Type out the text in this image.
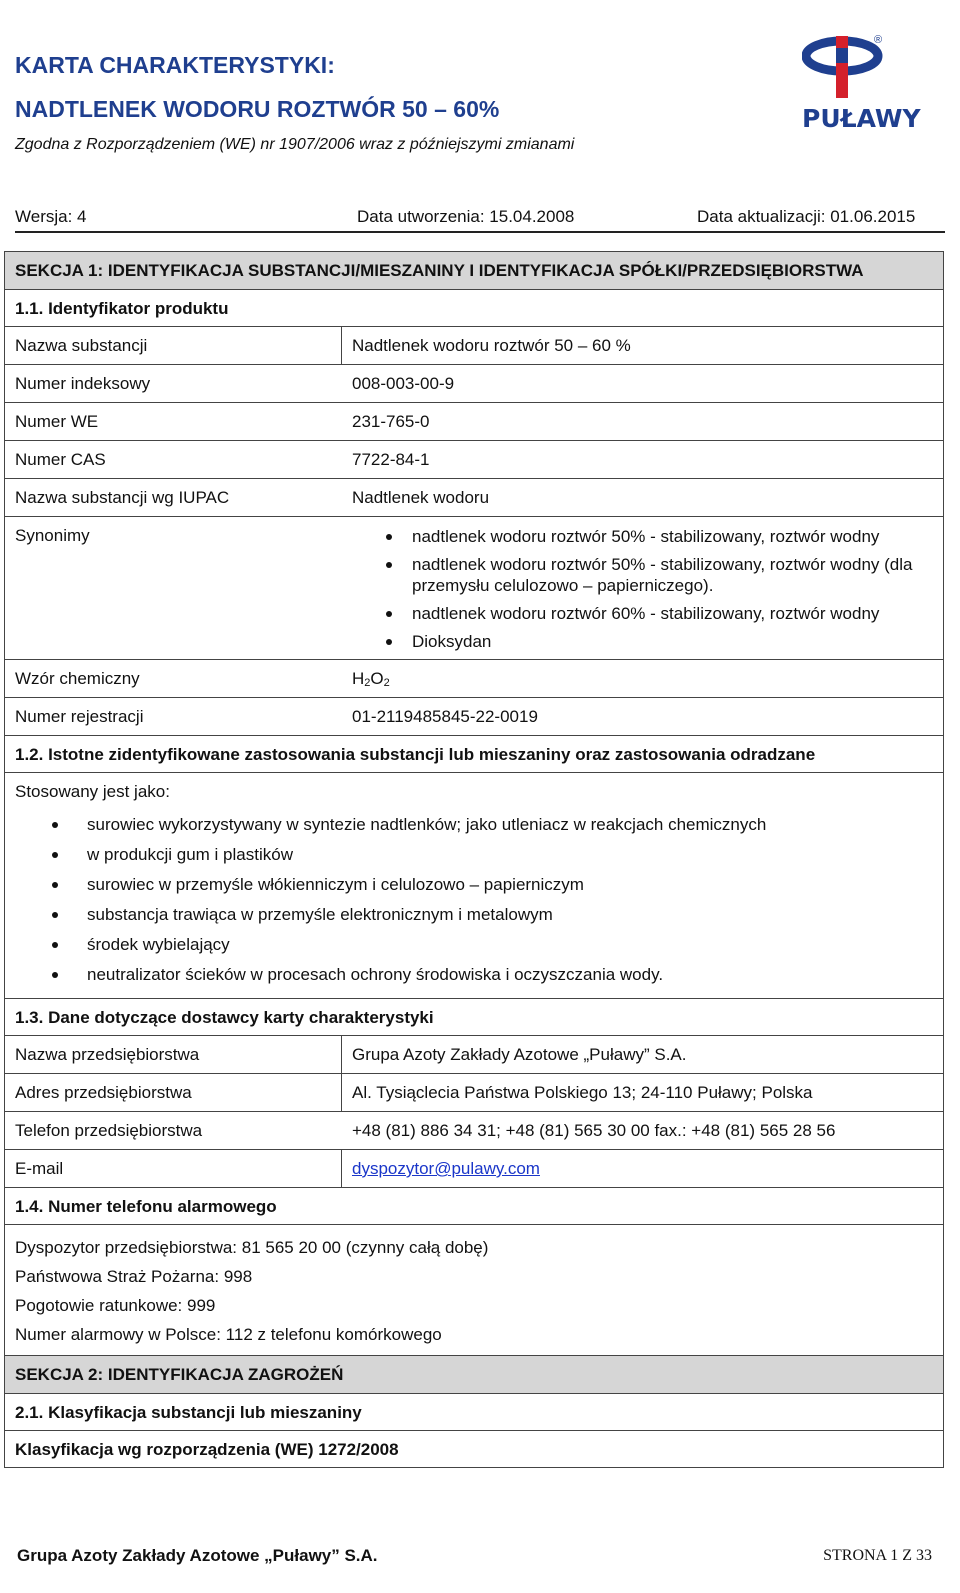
KARTA CHARAKTERYSTYKI:
NADTLENEK WODORU ROZTWÓR 50 – 60%
Zgodna z Rozporządzeniem (WE) nr 1907/2006 wraz z późniejszymi zmianami
®
PUŁAWY
Wersja: 4	Data utworzenia: 15.04.2008	Data aktualizacji: 01.06.2015
SEKCJA 1: IDENTYFIKACJA SUBSTANCJI/MIESZANINY I IDENTYFIKACJA SPÓŁKI/PRZEDSIĘBIORSTWA
1.1. Identyfikator produktu
Nazwa substancji	Nadtlenek wodoru roztwór 50 – 60 %
Numer indeksowy	008-003-00-9
Numer WE	231-765-0
Numer CAS	7722-84-1
Nazwa substancji wg IUPAC	Nadtlenek wodoru
Synonimy	nadtlenek wodoru roztwór 50% - stabilizowany, roztwór wodny
nadtlenek wodoru roztwór 50% - stabilizowany, roztwór wodny (dla przemysłu celulozowo – papierniczego).
nadtlenek wodoru roztwór 60% - stabilizowany, roztwór wodny
Dioksydan
Wzór chemiczny	$H_2O_2$
Numer rejestracji	01-2119485845-22-0019
1.2. Istotne zidentyfikowane zastosowania substancji lub mieszaniny oraz zastosowania odradzane
Stosowany jest jako:
surowiec wykorzystywany w syntezie nadtlenków; jako utleniacz w reakcjach chemicznych
w produkcji gum i plastików
surowiec w przemyśle włókienniczym i celulozowo – papierniczym
substancja trawiąca w przemyśle elektronicznym i metalowym
środek wybielający
neutralizator ścieków w procesach ochrony środowiska i oczyszczania wody.
1.3. Dane dotyczące dostawcy karty charakterystyki
Nazwa przedsiębiorstwa	Grupa Azoty Zakłady Azotowe „Puławy” S.A.
Adres przedsiębiorstwa	Al. Tysiąclecia Państwa Polskiego 13; 24-110 Puławy; Polska
Telefon przedsiębiorstwa	+48 (81) 886 34 31; +48 (81) 565 30 00 fax.: +48 (81) 565 28 56
E-mail	dyspozytor@pulawy.com
1.4. Numer telefonu alarmowego
Dyspozytor przedsiębiorstwa: 81 565 20 00 (czynny całą dobę)
Państwowa Straż Pożarna: 998
Pogotowie ratunkowe: 999
Numer alarmowy w Polsce: 112 z telefonu komórkowego
SEKCJA 2: IDENTYFIKACJA ZAGROŻEŃ
2.1. Klasyfikacja substancji lub mieszaniny
Klasyfikacja wg rozporządzenia (WE) 1272/2008
Grupa Azoty Zakłady Azotowe „Puławy” S.A.	STRONA 1 Z 33
